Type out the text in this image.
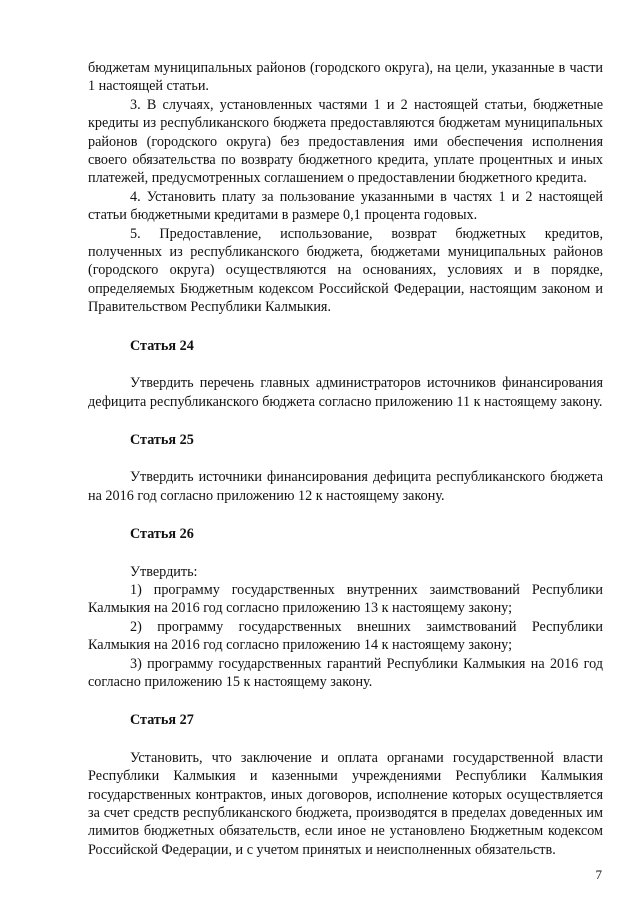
бюджетам муниципальных районов (городского округа), на цели, указанные в части 1 настоящей статьи.

3. В случаях, установленных частями 1 и 2 настоящей статьи, бюджетные кредиты из республиканского бюджета предоставляются бюджетам муниципальных районов (городского округа) без предоставления ими обеспечения исполнения своего обязательства по возврату бюджетного кредита, уплате процентных и иных платежей, предусмотренных соглашением о предоставлении бюджетного кредита.

4. Установить плату за пользование указанными в частях 1 и 2 настоящей статьи бюджетными кредитами в размере 0,1 процента годовых.

5. Предоставление, использование, возврат бюджетных кредитов, полученных из республиканского бюджета, бюджетами муниципальных районов (городского округа) осуществляются на основаниях, условиях и в порядке, определяемых Бюджетным кодексом Российской Федерации, настоящим законом и Правительством Республики Калмыкия.

Статья 24

Утвердить перечень главных администраторов источников финансирования дефицита республиканского бюджета согласно приложению 11 к настоящему закону.

Статья 25

Утвердить источники финансирования дефицита республиканского бюджета на 2016 год согласно приложению 12 к настоящему закону.

Статья 26

Утвердить:

1) программу государственных внутренних заимствований Республики Калмыкия на 2016 год согласно приложению 13 к настоящему закону;

2) программу государственных внешних заимствований Республики Калмыкия на 2016 год согласно приложению 14 к настоящему закону;

3) программу государственных гарантий Республики Калмыкия на 2016 год согласно приложению 15 к настоящему закону.

Статья 27

Установить, что заключение и оплата органами государственной власти Республики Калмыкия и казенными учреждениями Республики Калмыкия государственных контрактов, иных договоров, исполнение которых осуществляется за счет средств республиканского бюджета, производятся в пределах доведенных им лимитов бюджетных обязательств, если иное не установлено Бюджетным кодексом Российской Федерации, и с учетом принятых и неисполненных обязательств.

7
